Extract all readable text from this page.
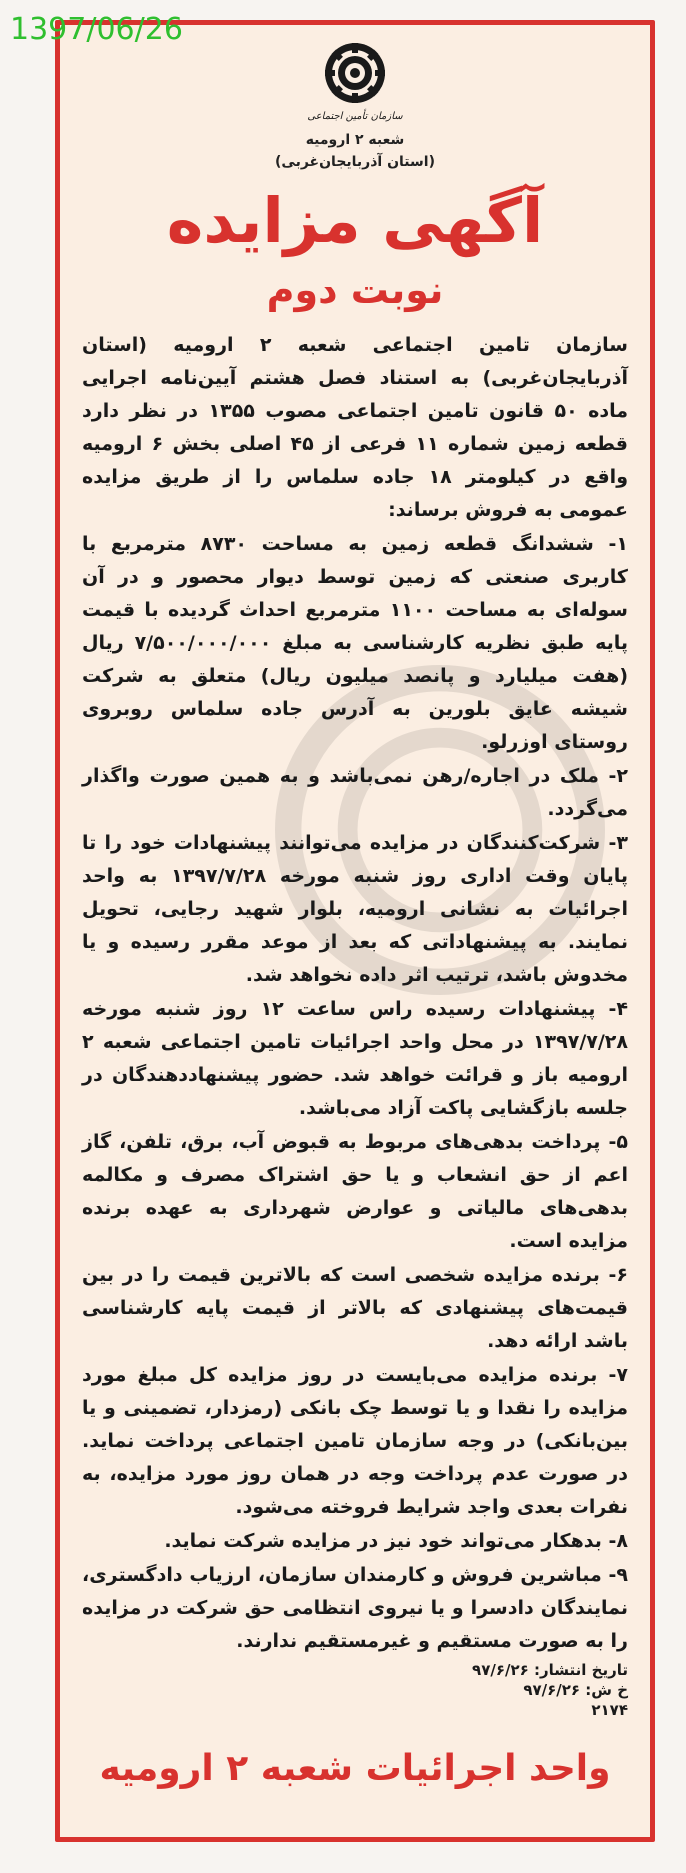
1397/06/26
سازمان تأمین اجتماعی
شعبه ۲ ارومیه
(استان آذربایجان‌غربی)
آگهی مزایده
نوبت دوم

سازمان تامین اجتماعی شعبه ۲ ارومیه (استان آذربایجان‌غربی) به استناد فصل هشتم آیین‌نامه اجرایی ماده ۵۰ قانون تامین اجتماعی مصوب ۱۳۵۵ در نظر دارد قطعه زمین شماره ۱۱ فرعی از ۴۵ اصلی بخش ۶ ارومیه واقع در کیلومتر ۱۸ جاده سلماس را از طریق مزایده عمومی به فروش برساند:

۱- ششدانگ قطعه زمین به مساحت ۸۷۳۰ مترمربع با کاربری صنعتی که زمین توسط دیوار محصور و در آن سوله‌ای به مساحت ۱۱۰۰ مترمربع احداث گردیده با قیمت پایه طبق نظریه کارشناسی به مبلغ ۷/۵۰۰/۰۰۰/۰۰۰ ریال (هفت میلیارد و پانصد میلیون ریال) متعلق به شرکت شیشه عایق بلورین به آدرس جاده سلماس روبروی روستای اوزرلو.

۲- ملک در اجاره/رهن نمی‌باشد و به همین صورت واگذار می‌گردد.

۳- شرکت‌کنندگان در مزایده می‌توانند پیشنهادات خود را تا پایان وقت اداری روز شنبه مورخه ۱۳۹۷/۷/۲۸ به واحد اجرائیات به نشانی ارومیه، بلوار شهید رجایی، تحویل نمایند. به پیشنهاداتی که بعد از موعد مقرر رسیده و یا مخدوش باشد، ترتیب اثر داده نخواهد شد.

۴- پیشنهادات رسیده راس ساعت ۱۲ روز شنبه مورخه ۱۳۹۷/۷/۲۸ در محل واحد اجرائیات تامین اجتماعی شعبه ۲ ارومیه باز و قرائت خواهد شد. حضور پیشنهاددهندگان در جلسه بازگشایی پاکت آزاد می‌باشد.

۵- پرداخت بدهی‌های مربوط به قبوض آب، برق، تلفن، گاز اعم از حق انشعاب و یا حق اشتراک مصرف و مکالمه بدهی‌های مالیاتی و عوارض شهرداری به عهده برنده مزایده است.

۶- برنده مزایده شخصی است که بالاترین قیمت را در بین قیمت‌های پیشنهادی که بالاتر از قیمت پایه کارشناسی باشد ارائه دهد.

۷- برنده مزایده می‌بایست در روز مزایده کل مبلغ مورد مزایده را نقدا و یا توسط چک بانکی (رمزدار، تضمینی و یا بین‌بانکی) در وجه سازمان تامین اجتماعی پرداخت نماید. در صورت عدم پرداخت وجه در همان روز مورد مزایده، به نفرات بعدی واجد شرایط فروخته می‌شود.

۸- بدهکار می‌تواند خود نیز در مزایده شرکت نماید.

۹- مباشرین فروش و کارمندان سازمان، ارزیاب دادگستری، نمایندگان دادسرا و یا نیروی انتظامی حق شرکت در مزایده را به صورت مستقیم و غیرمستقیم ندارند.

تاریخ انتشار: ۹۷/۶/۲۶
خ ش: ۹۷/۶/۲۶
۲۱۷۴
واحد اجرائیات شعبه ۲ ارومیه
